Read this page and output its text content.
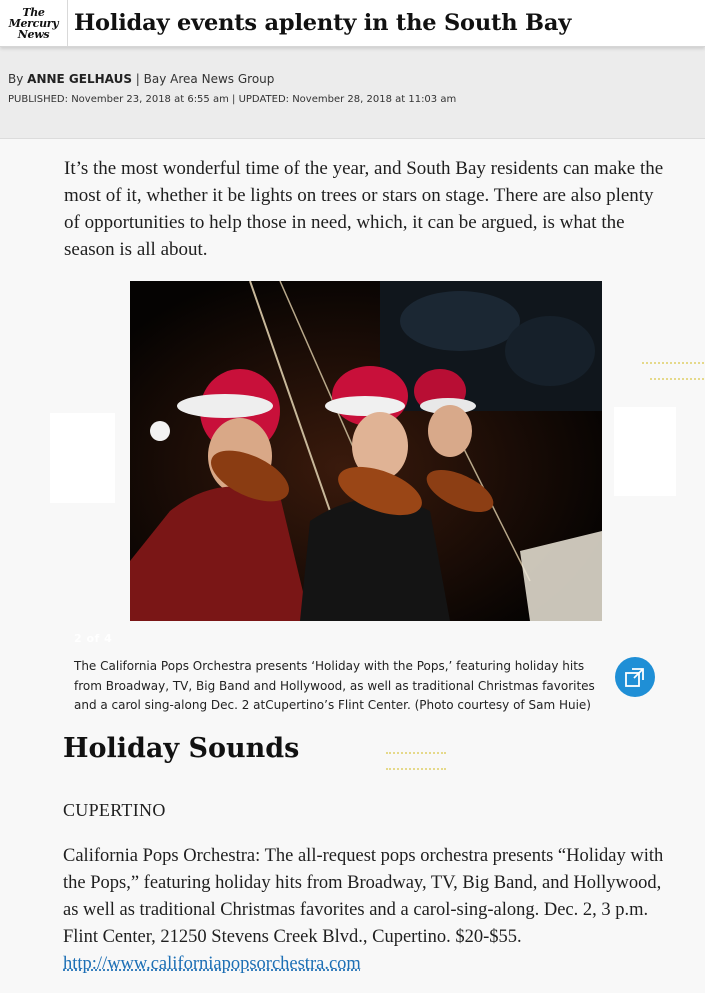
The
Mercury
News Holiday events aplenty in the South Bay
By ANNE GELHAUS | Bay Area News Group
PUBLISHED: November 23, 2018 at 6:55 am | UPDATED: November 28, 2018 at 11:03 am

It’s the most wonderful time of the year, and South Bay residents can make the most of it, whether it be lights on trees or stars on stage. There are also plenty of opportunities to help those in need, which, it can be argued, is what the season is all about.

2 of 4
The California Pops Orchestra presents ‘Holiday with the Pops,’ featuring holiday hits from Broadway, TV, Big Band and Hollywood, as well as traditional Christmas favorites and a carol sing-along Dec. 2 atCupertino’s Flint Center. (Photo courtesy of Sam Huie)
Holiday Sounds
CUPERTINO

California Pops Orchestra: The all-request pops orchestra presents “Holiday with the Pops,” featuring holiday hits from Broadway, TV, Big Band, and Hollywood, as well as traditional Christmas favorites and a carol-sing-along. Dec. 2, 3 p.m. Flint Center, 21250 Stevens Creek Blvd., Cupertino. $20-$55. http://www.californiapopsorchestra.com
